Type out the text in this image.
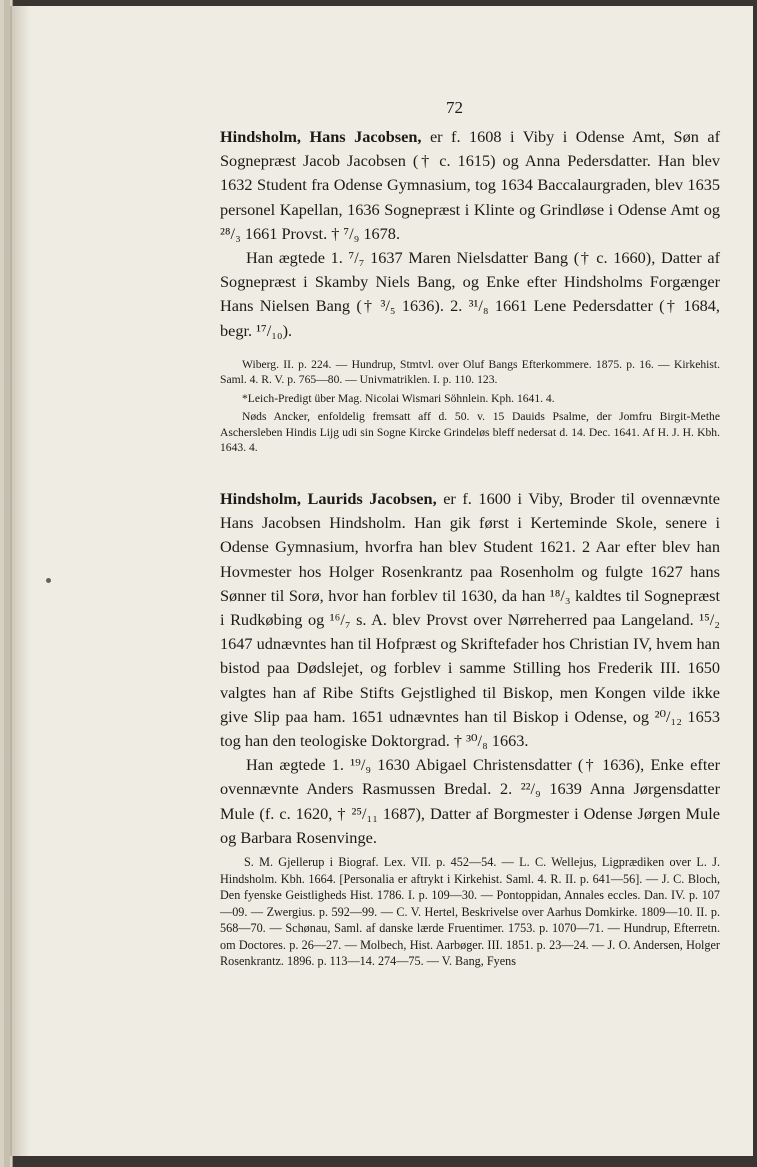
72

Hindsholm, Hans Jacobsen, er f. 1608 i Viby i Odense Amt, Søn af Sognepræst Jacob Jacobsen († c. 1615) og Anna Pedersdatter. Han blev 1632 Student fra Odense Gymnasium, tog 1634 Baccalaurgraden, blev 1635 personel Kapellan, 1636 Sognepræst i Klinte og Grindløse i Odense Amt og ²⁸/₃ 1661 Provst. † ⁷/₉ 1678.

Han ægtede 1. ⁷/₇ 1637 Maren Nielsdatter Bang († c. 1660), Datter af Sognepræst i Skamby Niels Bang, og Enke efter Hindsholms Forgænger Hans Nielsen Bang († ³/₅ 1636). 2. ³¹/₈ 1661 Lene Pedersdatter († 1684, begr. ¹⁷/₁₀).

Wiberg. II. p. 224. — Hundrup, Stmtvl. over Oluf Bangs Efterkommere. 1875. p. 16. — Kirkehist. Saml. 4. R. V. p. 765—80. — Univmatriklen. I. p. 110. 123.

*Leich-Predigt über Mag. Nicolai Wismari Söhnlein. Kph. 1641. 4.

Nøds Ancker, enfoldelig fremsatt aff d. 50. v. 15 Dauids Psalme, der Jomfru Birgit-Methe Aschersleben Hindis Lijg udi sin Sogne Kircke Grindeløs bleff nedersat d. 14. Dec. 1641. Af H. J. H. Kbh. 1643. 4.

Hindsholm, Laurids Jacobsen, er f. 1600 i Viby, Broder til ovennævnte Hans Jacobsen Hindsholm. Han gik først i Kerteminde Skole, senere i Odense Gymnasium, hvorfra han blev Student 1621. 2 Aar efter blev han Hovmester hos Holger Rosenkrantz paa Rosenholm og fulgte 1627 hans Sønner til Sorø, hvor han forblev til 1630, da han ¹⁸/₃ kaldtes til Sognepræst i Rudkøbing og ¹⁶/₇ s. A. blev Provst over Nørreherred paa Langeland. ¹⁵/₂ 1647 udnævntes han til Hofpræst og Skriftefader hos Christian IV, hvem han bistod paa Dødslejet, og forblev i samme Stilling hos Frederik III. 1650 valgtes han af Ribe Stifts Gejstlighed til Biskop, men Kongen vilde ikke give Slip paa ham. 1651 udnævntes han til Biskop i Odense, og ²⁰/₁₂ 1653 tog han den teologiske Doktorgrad. † ³⁰/₈ 1663.

Han ægtede 1. ¹⁹/₉ 1630 Abigael Christensdatter († 1636), Enke efter ovennævnte Anders Rasmussen Bredal. 2. ²²/₉ 1639 Anna Jørgensdatter Mule (f. c. 1620, † ²⁵/₁₁ 1687), Datter af Borgmester i Odense Jørgen Mule og Barbara Rosenvinge.

S. M. Gjellerup i Biograf. Lex. VII. p. 452—54. — L. C. Wellejus, Ligprædiken over L. J. Hindsholm. Kbh. 1664. [Personalia er aftrykt i Kirkehist. Saml. 4. R. II. p. 641—56]. — J. C. Bloch, Den fyenske Geistligheds Hist. 1786. I. p. 109—30. — Pontoppidan, Annales eccles. Dan. IV. p. 107—09. — Zwergius. p. 592—99. — C. V. Hertel, Beskrivelse over Aarhus Domkirke. 1809—10. II. p. 568—70. — Schønau, Saml. af danske lærde Fruentimer. 1753. p. 1070—71. — Hundrup, Efterretn. om Doctores. p. 26—27. — Molbech, Hist. Aarbøger. III. 1851. p. 23—24. — J. O. Andersen, Holger Rosenkrantz. 1896. p. 113—14. 274—75. — V. Bang, Fyens
